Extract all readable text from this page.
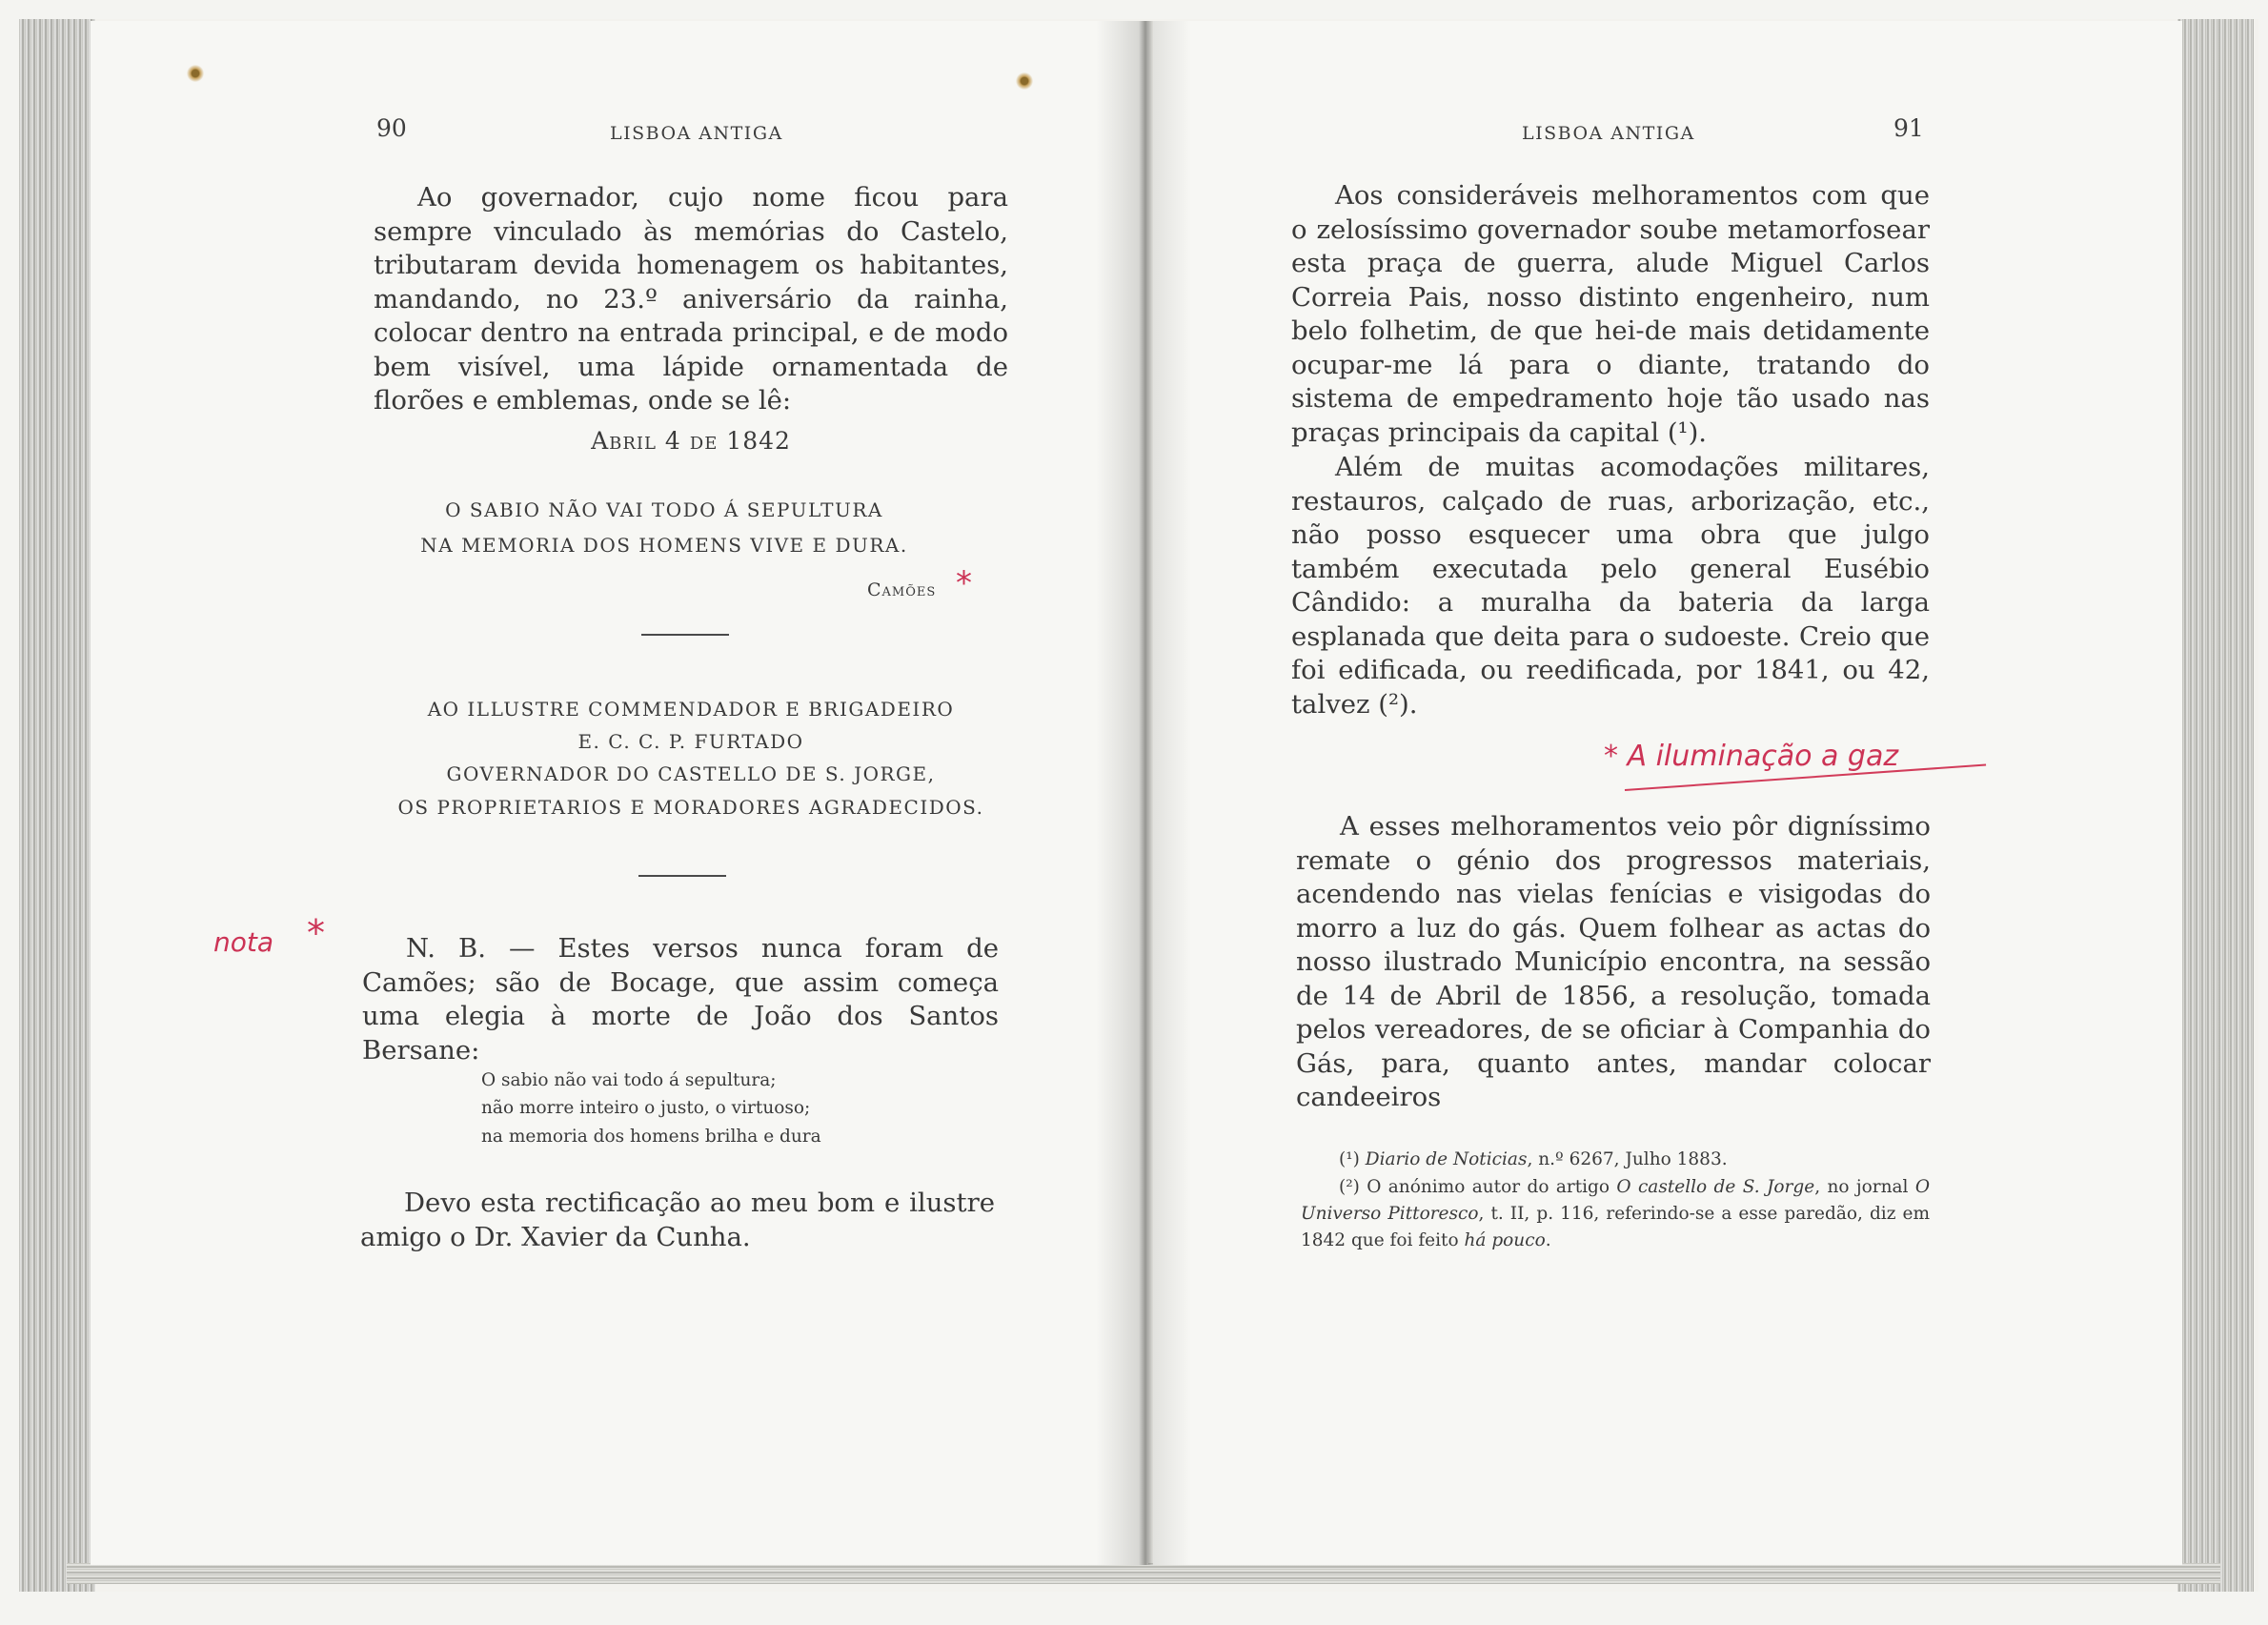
90	LISBOA ANTIGA
Ao governador, cujo nome ficou para sempre vinculado às memórias do Castelo, tributaram devida homenagem os habitantes, mandando, no 23.º aniversário da rainha, colocar dentro na entrada principal, e de modo bem visível, uma lápide ornamentada de florões e emblemas, onde se lê:
Abril 4 de 1842
O SABIO NÃO VAI TODO Á SEPULTURA
NA MEMORIA DOS HOMENS VIVE E DURA.
Camões *
AO ILLUSTRE COMMENDADOR E BRIGADEIRO
E. C. C. P. FURTADO
GOVERNADOR DO CASTELLO DE S. JORGE,
OS PROPRIETARIOS E MORADORES AGRADECIDOS.
nota *	N. B. — Estes versos nunca foram de Camões; são de Bocage, que assim começa uma elegia à morte de João dos Santos Bersane:
O sabio não vai todo á sepultura;
não morre inteiro o justo, o virtuoso;
na memoria dos homens brilha e dura
Devo esta rectificação ao meu bom e ilustre amigo o Dr. Xavier da Cunha.
LISBOA ANTIGA	91
Aos consideráveis melhoramentos com que o zelosíssimo governador soube metamorfosear esta praça de guerra, alude Miguel Carlos Correia Pais, nosso distinto engenheiro, num belo folhetim, de que hei-de mais detidamente ocupar-me lá para o diante, tratando do sistema de empedramento hoje tão usado nas praças principais da capital (¹).
Além de muitas acomodações militares, restauros, calçado de ruas, arborização, etc., não posso esquecer uma obra que julgo também executada pelo general Eusébio Cândido: a muralha da bateria da larga esplanada que deita para o sudoeste. Creio que foi edificada, ou reedificada, por 1841, ou 42, talvez (²).
* A iluminação a gaz
A esses melhoramentos veio pôr digníssimo remate o génio dos progressos materiais, acendendo nas vielas fenícias e visigodas do morro a luz do gás. Quem folhear as actas do nosso ilustrado Município encontra, na sessão de 14 de Abril de 1856, a resolução, tomada pelos vereadores, de se oficiar à Companhia do Gás, para, quanto antes, mandar colocar candeeiros
(¹) Diario de Noticias, n.º 6267, Julho 1883.
(²) O anónimo autor do artigo O castello de S. Jorge, no jornal O Universo Pittoresco, t. II, p. 116, referindo-se a esse paredão, diz em 1842 que foi feito há pouco.
